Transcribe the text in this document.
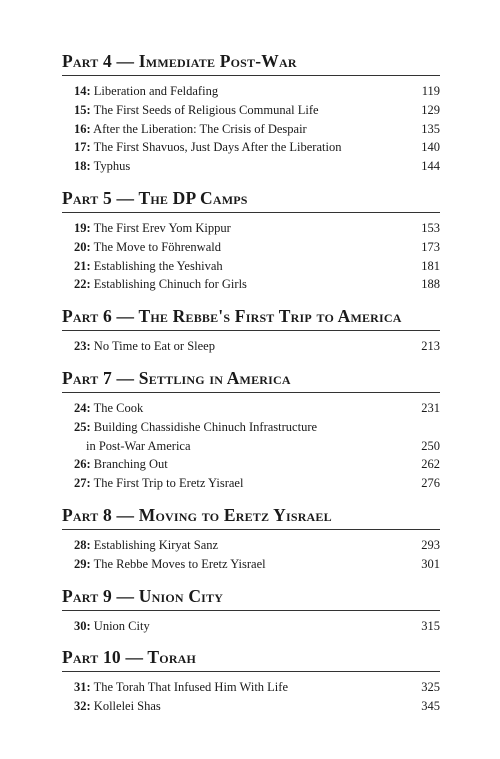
Part 4 — Immediate Post-War
14: Liberation and Feldafing	119
15: The First Seeds of Religious Communal Life	129
16: After the Liberation: The Crisis of Despair	135
17: The First Shavuos, Just Days After the Liberation	140
18: Typhus	144
Part 5 — The DP Camps
19: The First Erev Yom Kippur	153
20: The Move to Föhrenwald	173
21: Establishing the Yeshivah	181
22: Establishing Chinuch for Girls	188
Part 6 — The Rebbe's First Trip to America
23: No Time to Eat or Sleep	213
Part 7 — Settling in America
24: The Cook	231
25: Building Chassidishe Chinuch Infrastructure
in Post-War America	250
26: Branching Out	262
27: The First Trip to Eretz Yisrael	276
Part 8 — Moving to Eretz Yisrael
28: Establishing Kiryat Sanz	293
29: The Rebbe Moves to Eretz Yisrael	301
Part 9 — Union City
30: Union City	315
Part 10 — Torah
31: The Torah That Infused Him With Life	325
32: Kollelei Shas	345
